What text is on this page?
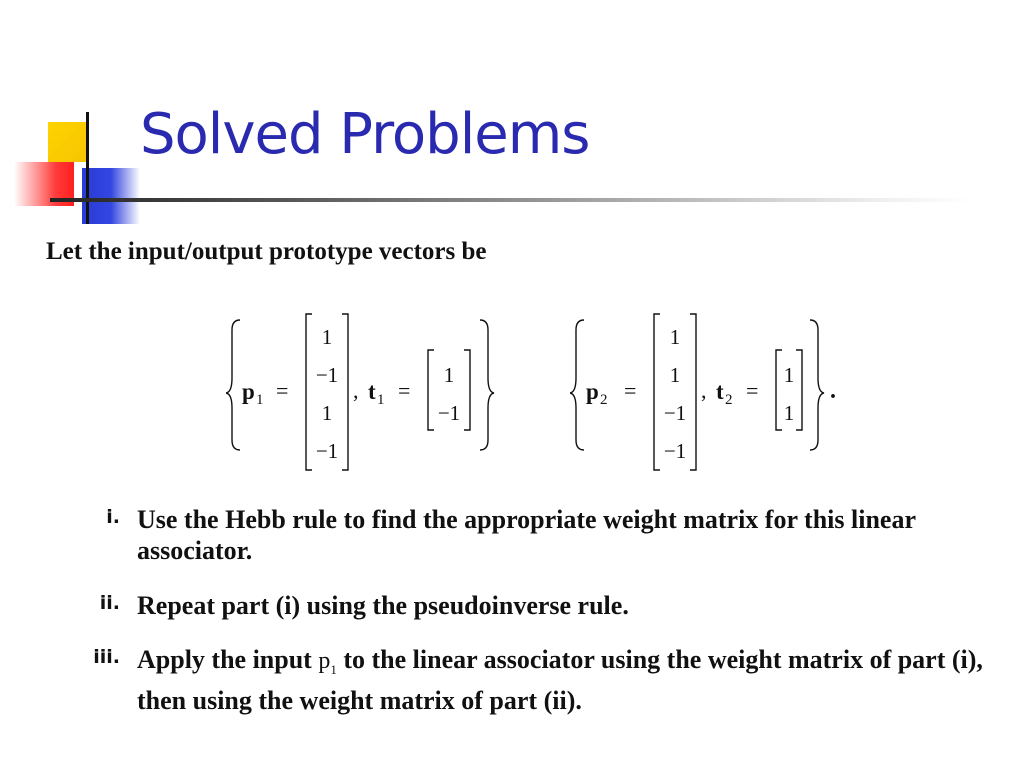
Solved Problems

Let the input/output prototype vectors be

p 1 =
1
−1
1
−1
, t 1 =
1
−1
p 2 =
1
1
−1
−1
, t 2 =
1
1
.
i. Use the Hebb rule to find the appropriate weight matrix for this linear associator.

ii. Repeat part (i) using the pseudoinverse rule.

iii. Apply the input $p_1$ to the linear associator using the weight matrix of part (i), then using the weight matrix of part (ii).
